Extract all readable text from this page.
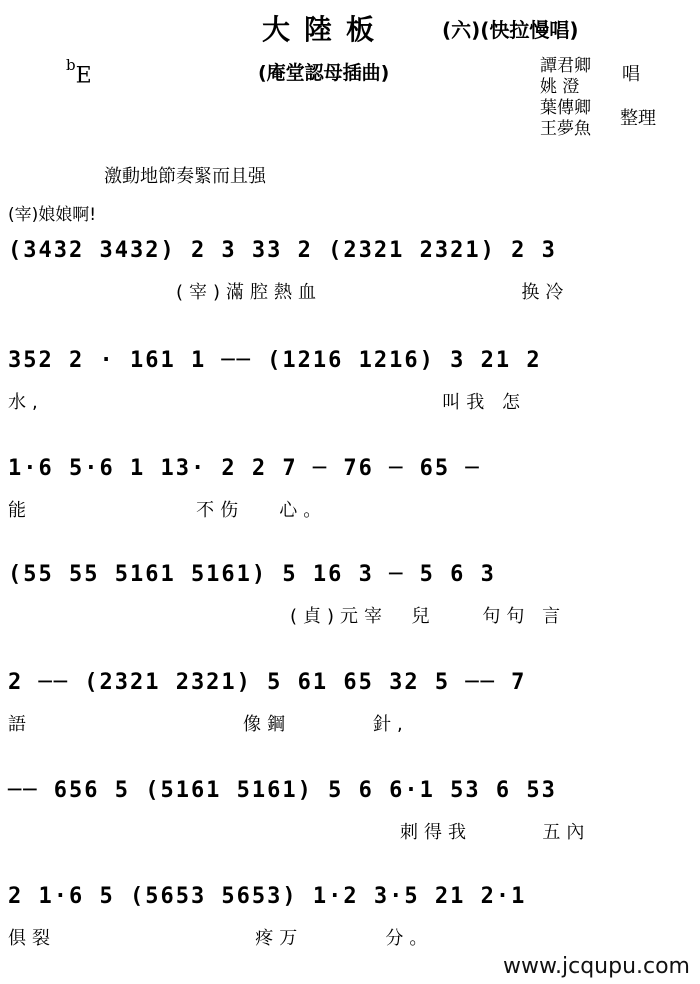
大陸板	(六)(快拉慢唱)
(庵堂認母插曲)
$^b$E	譚君卿
姚 澄
葉傳卿
王夢魚
唱
整理
激動地節奏緊而且强
(宰)娘娘啊!
(3432 3432) 2 3 33 2 (2321 2321) 2 3
(宰)滿腔熱血                 换冷
352 2 · 161 1 ── (1216 1216) 3 21 2
水,                                  叫我 怎
1·6 5·6 1 13· 2 2 7 ─ 76 ─ 65 ─
能              不伤   心。
(55 55 5161 5161) 5 16 3 ─ 5 6 3
(貞)元宰  兒    句句 言
2 ── (2321 2321) 5 61 65 32 5 ── 7
語                  像鋼       針,
── 656 5 (5161 5161) 5 6 6·1 53 6 53
刺得我      五內
2 1·6 5 (5653 5653) 1·2 3·5 21 2·1
俱裂                 疼万       分。
www.jcqupu.com
